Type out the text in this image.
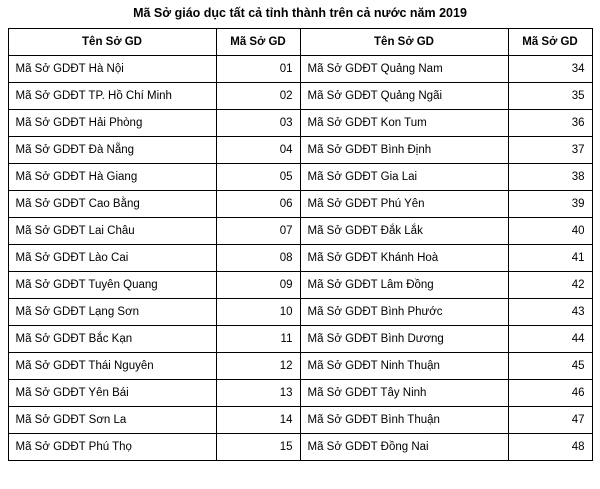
Mã Sở giáo dục tất cả tỉnh thành trên cả nước năm 2019
Tên Sở GD	Mã Sở GD	Tên Sở GD	Mã Sở GD
Mã Sở GDĐT Hà Nội	01	Mã Sở GDĐT Quảng Nam	34
Mã Sở GDĐT TP. Hồ Chí Minh	02	Mã Sở GDĐT Quảng Ngãi	35
Mã Sở GDĐT Hải Phòng	03	Mã Sở GDĐT Kon Tum	36
Mã Sở GDĐT Đà Nẵng	04	Mã Sở GDĐT Bình Định	37
Mã Sở GDĐT Hà Giang	05	Mã Sở GDĐT Gia Lai	38
Mã Sở GDĐT Cao Bằng	06	Mã Sở GDĐT Phú Yên	39
Mã Sở GDĐT Lai Châu	07	Mã Sở GDĐT Đắk Lắk	40
Mã Sở GDĐT Lào Cai	08	Mã Sở GDĐT Khánh Hoà	41
Mã Sở GDĐT Tuyên Quang	09	Mã Sở GDĐT Lâm Đồng	42
Mã Sở GDĐT Lạng Sơn	10	Mã Sở GDĐT Bình Phước	43
Mã Sở GDĐT Bắc Kạn	11	Mã Sở GDĐT Bình Dương	44
Mã Sở GDĐT Thái Nguyên	12	Mã Sở GDĐT Ninh Thuận	45
Mã Sở GDĐT Yên Bái	13	Mã Sở GDĐT Tây Ninh	46
Mã Sở GDĐT Sơn La	14	Mã Sở GDĐT Bình Thuận	47
Mã Sở GDĐT Phú Thọ	15	Mã Sở GDĐT Đồng Nai	48
